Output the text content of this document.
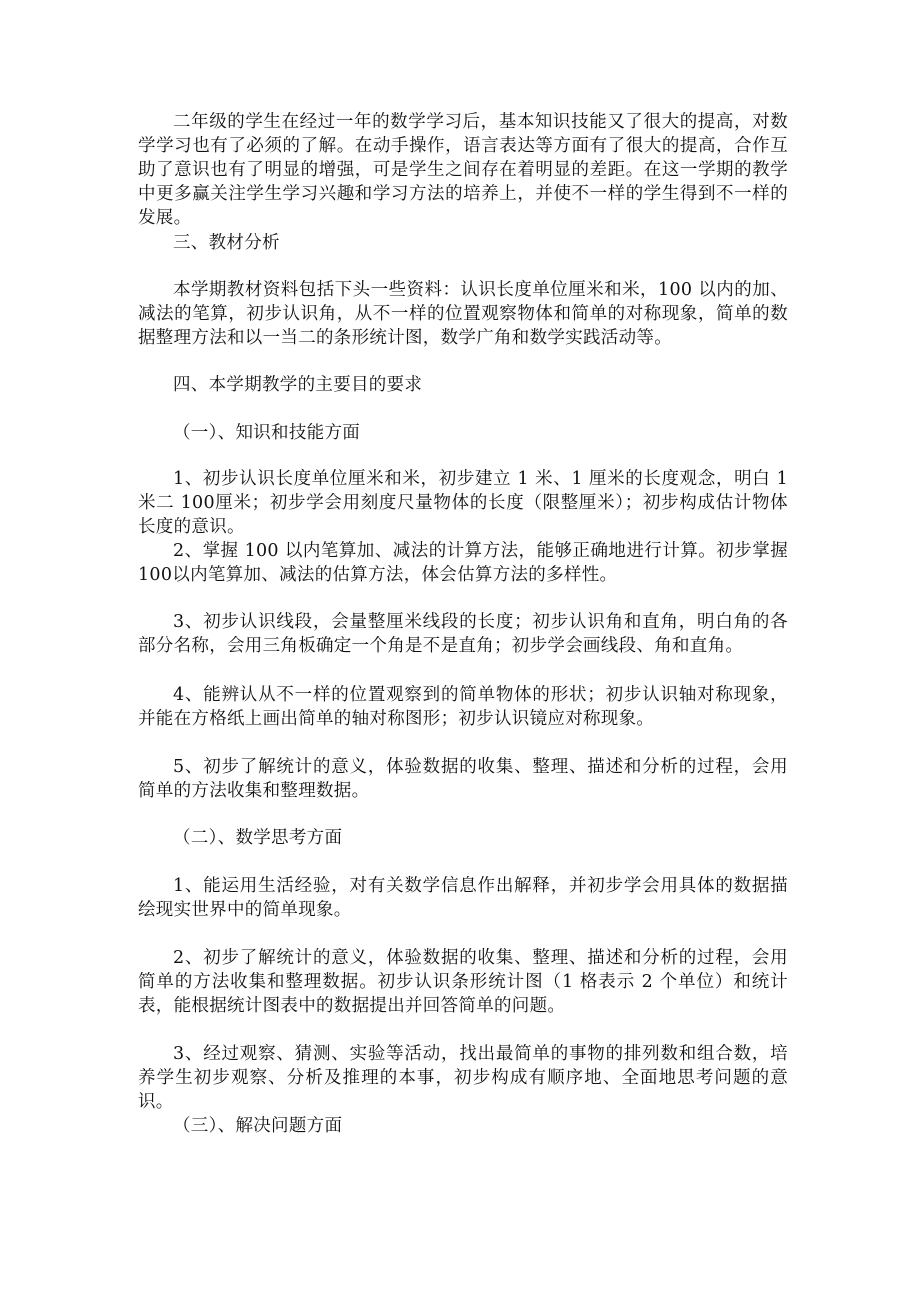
二年级的学生在经过一年的数学学习后，基本知识技能又了很大的提高，对数学学习也有了必须的了解。在动手操作，语言表达等方面有了很大的提高，合作互助了意识也有了明显的增强，可是学生之间存在着明显的差距。在这一学期的教学中更多赢关注学生学习兴趣和学习方法的培养上，并使不一样的学生得到不一样的发展。

三、教材分析

本学期教材资料包括下头一些资料：认识长度单位厘米和米，100 以内的加、减法的笔算，初步认识角，从不一样的位置观察物体和简单的对称现象，简单的数据整理方法和以一当二的条形统计图，数学广角和数学实践活动等。

四、本学期教学的主要目的要求

（一）、知识和技能方面

1、初步认识长度单位厘米和米，初步建立 1 米、1 厘米的长度观念，明白 1 米二 100厘米；初步学会用刻度尺量物体的长度（限整厘米）；初步构成估计物体长度的意识。

2、掌握 100 以内笔算加、减法的计算方法，能够正确地进行计算。初步掌握 100以内笔算加、减法的估算方法，体会估算方法的多样性。

3、初步认识线段，会量整厘米线段的长度；初步认识角和直角，明白角的各部分名称，会用三角板确定一个角是不是直角；初步学会画线段、角和直角。

4、能辨认从不一样的位置观察到的简单物体的形状；初步认识轴对称现象，并能在方格纸上画出简单的轴对称图形；初步认识镜应对称现象。

5、初步了解统计的意义，体验数据的收集、整理、描述和分析的过程，会用简单的方法收集和整理数据。

（二）、数学思考方面

1、能运用生活经验，对有关数学信息作出解释，并初步学会用具体的数据描绘现实世界中的简单现象。

2、初步了解统计的意义，体验数据的收集、整理、描述和分析的过程，会用简单的方法收集和整理数据。初步认识条形统计图（1 格表示 2 个单位）和统计表，能根据统计图表中的数据提出并回答简单的问题。

3、经过观察、猜测、实验等活动，找出最简单的事物的排列数和组合数，培养学生初步观察、分析及推理的本事，初步构成有顺序地、全面地思考问题的意识。

（三）、解决问题方面
